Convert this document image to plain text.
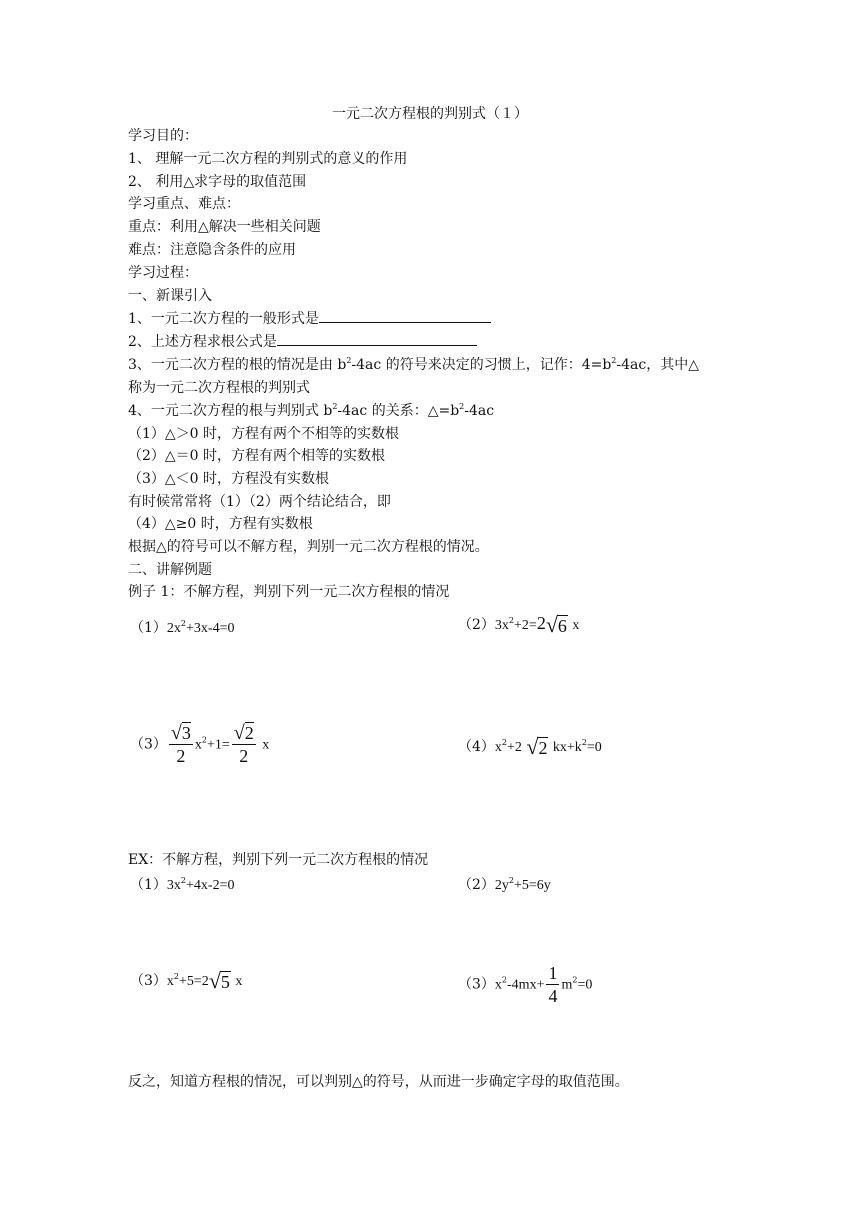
一元二次方程根的判别式（１）
学习目的：
1、 理解一元二次方程的判别式的意义的作用
2、 利用△求字母的取值范围
学习重点、难点：
重点：利用△解决一些相关问题
难点：注意隐含条件的应用
学习过程：
一、新课引入
1、一元二次方程的一般形式是
2、上述方程求根公式是
3、一元二次方程的根的情况是由 $b^2-4ac$ 的符号来决定的习惯上，记作：$4=b^2-4ac$，其中△
称为一元二次方程根的判别式
4、一元二次方程的根与判别式 $b^2-4ac$ 的关系：$\triangle=b^2-4ac$
（1）△＞0 时，方程有两个不相等的实数根
（2）△＝0 时，方程有两个相等的实数根
（3）△＜0 时，方程没有实数根
有时候常常将（1）（2）两个结论结合，即
（4）△≥0 时，方程有实数根
根据△的符号可以不解方程，判别一元二次方程根的情况。
二、讲解例题
例子 1：不解方程，判别下列一元二次方程根的情况
$(1)2x^2+3x-4=0$	$(2)3x^2+2=2√6$ x
$(3) \frac{√3}{2} x^2+1= \frac{√2}{2}$ x	$(4)x^2+2$ √2 $kx+k^2=0$
EX：不解方程，判别下列一元二次方程根的情况
$(1)3x^2+4x-2=0$	$(2)2y^2+5=6y$
$(3)x^2+5=2√5$ x	$(3)x^2-4mx+ \frac{1}{4} m^2=0$
反之，知道方程根的情况，可以判别△的符号，从而进一步确定字母的取值范围。
